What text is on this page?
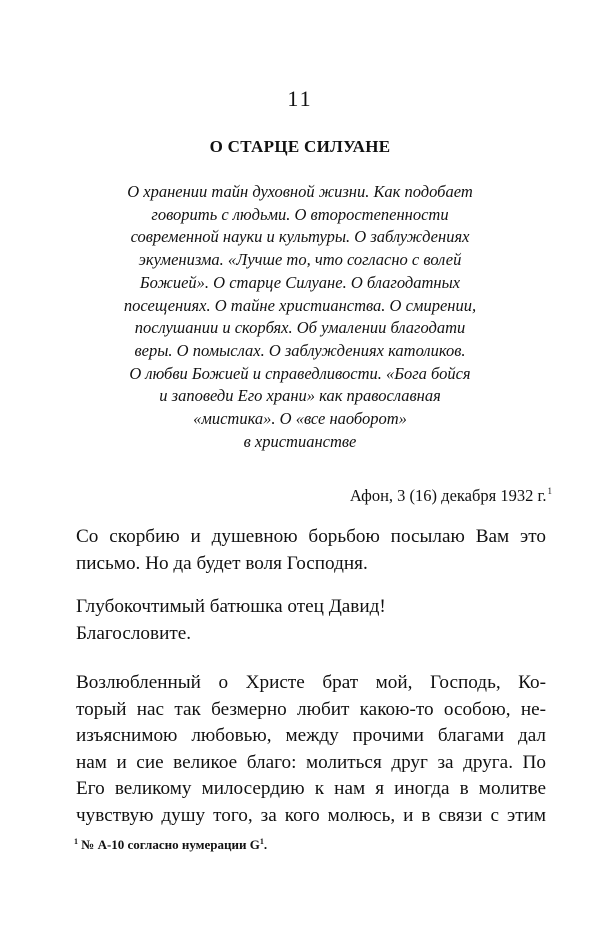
11
О СТАРЦЕ СИЛУАНЕ

О хранении тайн духовной жизни. Как подобает
говорить с людьми. О второстепенности
современной науки и культуры. О заблуждениях
экуменизма. «Лучше то, что согласно с волей
Божией». О старце Силуане. О благодатных
посещениях. О тайне христианства. О смирении,
послушании и скорбях. Об умалении благодати
веры. О помыслах. О заблуждениях католиков.
О любви Божией и справедливости. «Бога бойся
и заповеди Его храни» как православная
«мистика». О «все наоборот»
в христианстве

Афон, 3 (16) декабря 1932 г.$^1$

Со скорбию и душевною борьбою посылаю Вам это
письмо. Но да будет воля Господня.

Глубокочтимый батюшка отец Давид!
Благословите.

Возлюбленный о Христе брат мой, Господь, Ко-
торый нас так безмерно любит какою-то особою, не-
изъяснимою любовью, между прочими благами дал
нам и сие великое благо: молиться друг за друга. По
Его великому милосердию к нам я иногда в молитве
чувствую душу того, за кого молюсь, и в связи с этим

$^1$ № А-10 согласно нумерации $G^1$.
